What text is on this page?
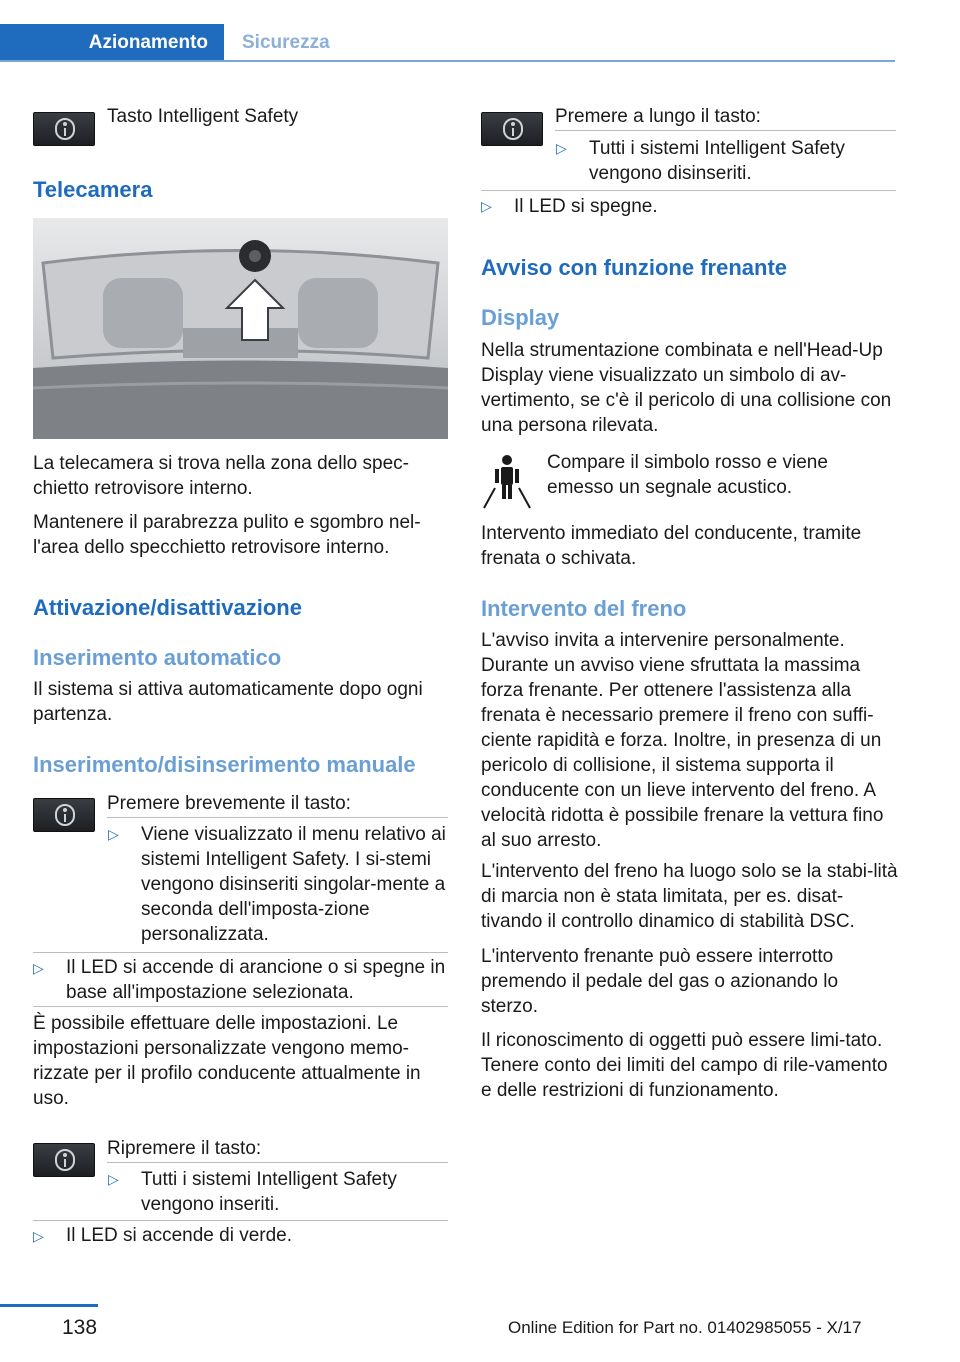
Azionamento	Sicurezza
Tasto Intelligent Safety
Telecamera
La telecamera si trova nella zona dello spec-chietto retrovisore interno.
Mantenere il parabrezza pulito e sgombro nel-l'area dello specchietto retrovisore interno.
Attivazione/disattivazione
Inserimento automatico
Il sistema si attiva automaticamente dopo ogni partenza.
Inserimento/disinserimento manuale
Premere brevemente il tasto:
▷ Viene visualizzato il menu relativo ai sistemi Intelligent Safety. I si-stemi vengono disinseriti singolar-mente a seconda dell'imposta-zione personalizzata.
▷ Il LED si accende di arancione o si spegne in base all'impostazione selezionata.
È possibile effettuare delle impostazioni. Le impostazioni personalizzate vengono memo-rizzate per il profilo conducente attualmente in uso.
Ripremere il tasto:
▷ Tutti i sistemi Intelligent Safety vengono inseriti.
▷ Il LED si accende di verde.
Premere a lungo il tasto:
▷ Tutti i sistemi Intelligent Safety vengono disinseriti.
▷ Il LED si spegne.
Avviso con funzione frenante
Display
Nella strumentazione combinata e nell'Head-Up Display viene visualizzato un simbolo di av-vertimento, se c'è il pericolo di una collisione con una persona rilevata.
Compare il simbolo rosso e viene emesso un segnale acustico.
Intervento immediato del conducente, tramite frenata o schivata.
Intervento del freno
L'avviso invita a intervenire personalmente. Durante un avviso viene sfruttata la massima forza frenante. Per ottenere l'assistenza alla frenata è necessario premere il freno con suffi-ciente rapidità e forza. Inoltre, in presenza di un pericolo di collisione, il sistema supporta il conducente con un lieve intervento del freno. A velocità ridotta è possibile frenare la vettura fino al suo arresto.
L'intervento del freno ha luogo solo se la stabi-lità di marcia non è stata limitata, per es. disat-tivando il controllo dinamico di stabilità DSC.
L'intervento frenante può essere interrotto premendo il pedale del gas o azionando lo sterzo.
Il riconoscimento di oggetti può essere limi-tato. Tenere conto dei limiti del campo di rile-vamento e delle restrizioni di funzionamento.
138	Online Edition for Part no. 01402985055 - X/17
